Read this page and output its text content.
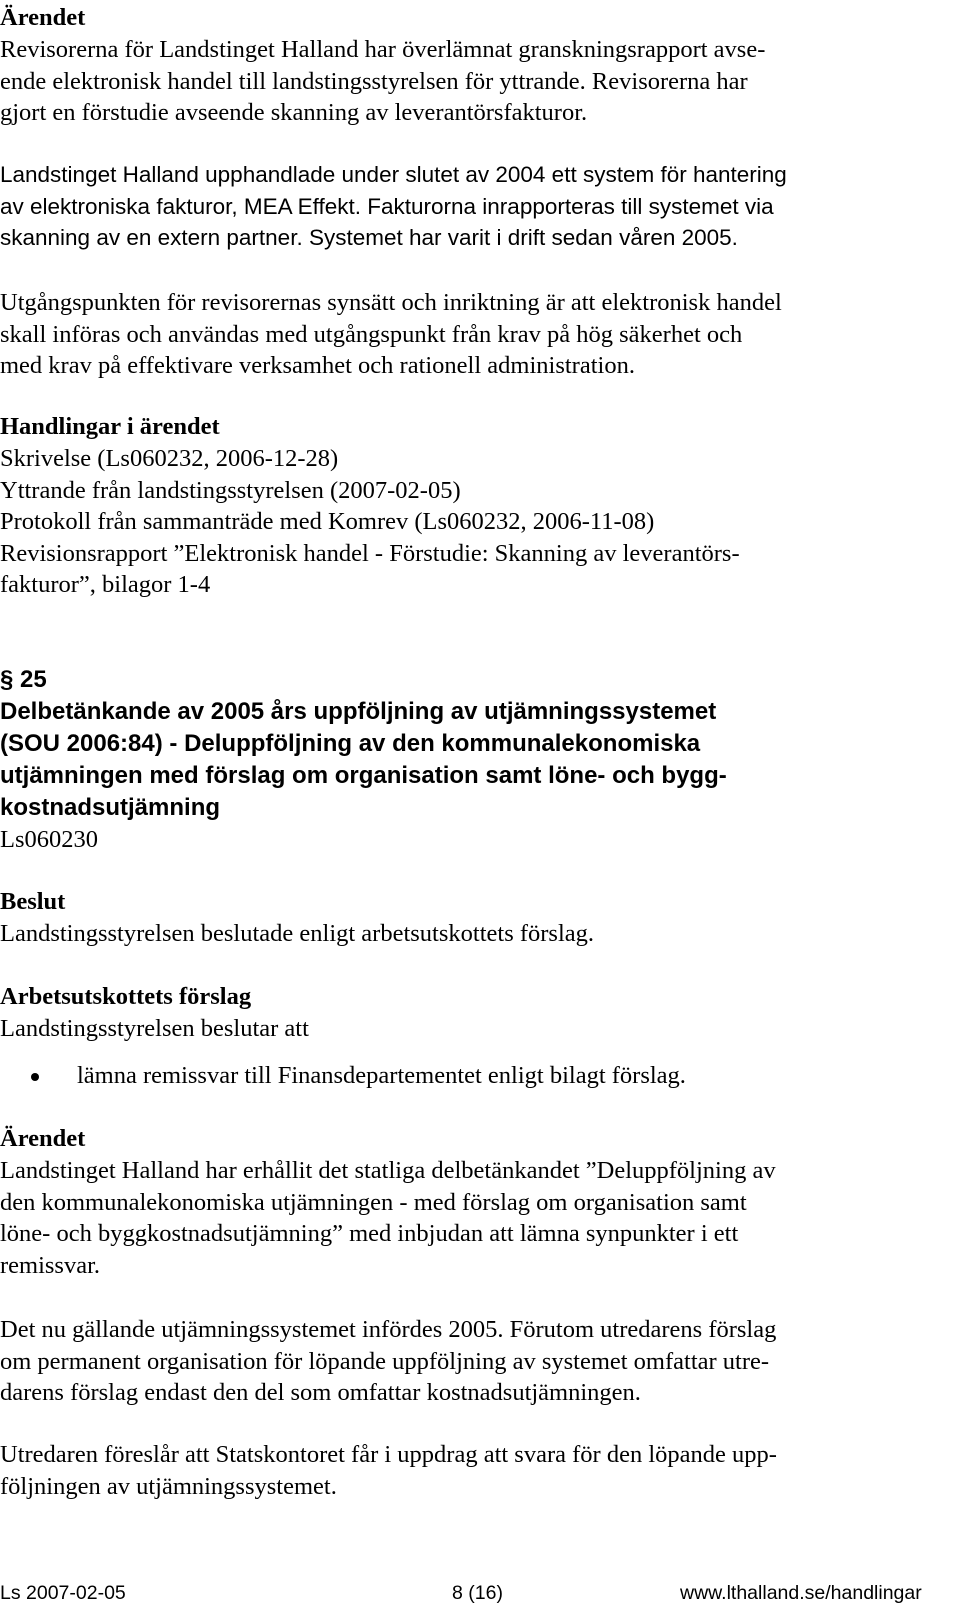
Ärendet
Revisorerna för Landstinget Halland har överlämnat granskningsrapport avse-
ende elektronisk handel till landstingsstyrelsen för yttrande. Revisorerna har
gjort en förstudie avseende skanning av leverantörsfakturor.
Landstinget Halland upphandlade under slutet av 2004 ett system för hantering
av elektroniska fakturor, MEA Effekt. Fakturorna inrapporteras till systemet via
skanning av en extern partner. Systemet har varit i drift sedan våren 2005.
Utgångspunkten för revisorernas synsätt och inriktning är att elektronisk handel
skall införas och användas med utgångspunkt från krav på hög säkerhet och
med krav på effektivare verksamhet och rationell administration.
Handlingar i ärendet
Skrivelse (Ls060232, 2006-12-28)
Yttrande från landstingsstyrelsen (2007-02-05)
Protokoll från sammanträde med Komrev (Ls060232, 2006-11-08)
Revisionsrapport ”Elektronisk handel - Förstudie: Skanning av leverantörs-
fakturor”, bilagor 1-4
§ 25
Delbetänkande av 2005 års uppföljning av utjämningssystemet
(SOU 2006:84) - Deluppföljning av den kommunalekonomiska
utjämningen med förslag om organisation samt löne- och bygg-
kostnadsutjämning
Ls060230
Beslut
Landstingsstyrelsen beslutade enligt arbetsutskottets förslag.
Arbetsutskottets förslag
Landstingsstyrelsen beslutar att
lämna remissvar till Finansdepartementet enligt bilagt förslag.
Ärendet
Landstinget Halland har erhållit det statliga delbetänkandet ”Deluppföljning av
den kommunalekonomiska utjämningen - med förslag om organisation samt
löne- och byggkostnadsutjämning” med inbjudan att lämna synpunkter i ett
remissvar.
Det nu gällande utjämningssystemet infördes 2005. Förutom utredarens förslag
om permanent organisation för löpande uppföljning av systemet omfattar utre-
darens förslag endast den del som omfattar kostnadsutjämningen.
Utredaren föreslår att Statskontoret får i uppdrag att svara för den löpande upp-
följningen av utjämningssystemet.
Ls 2007-02-05	8 (16)	www.lthalland.se/handlingar
